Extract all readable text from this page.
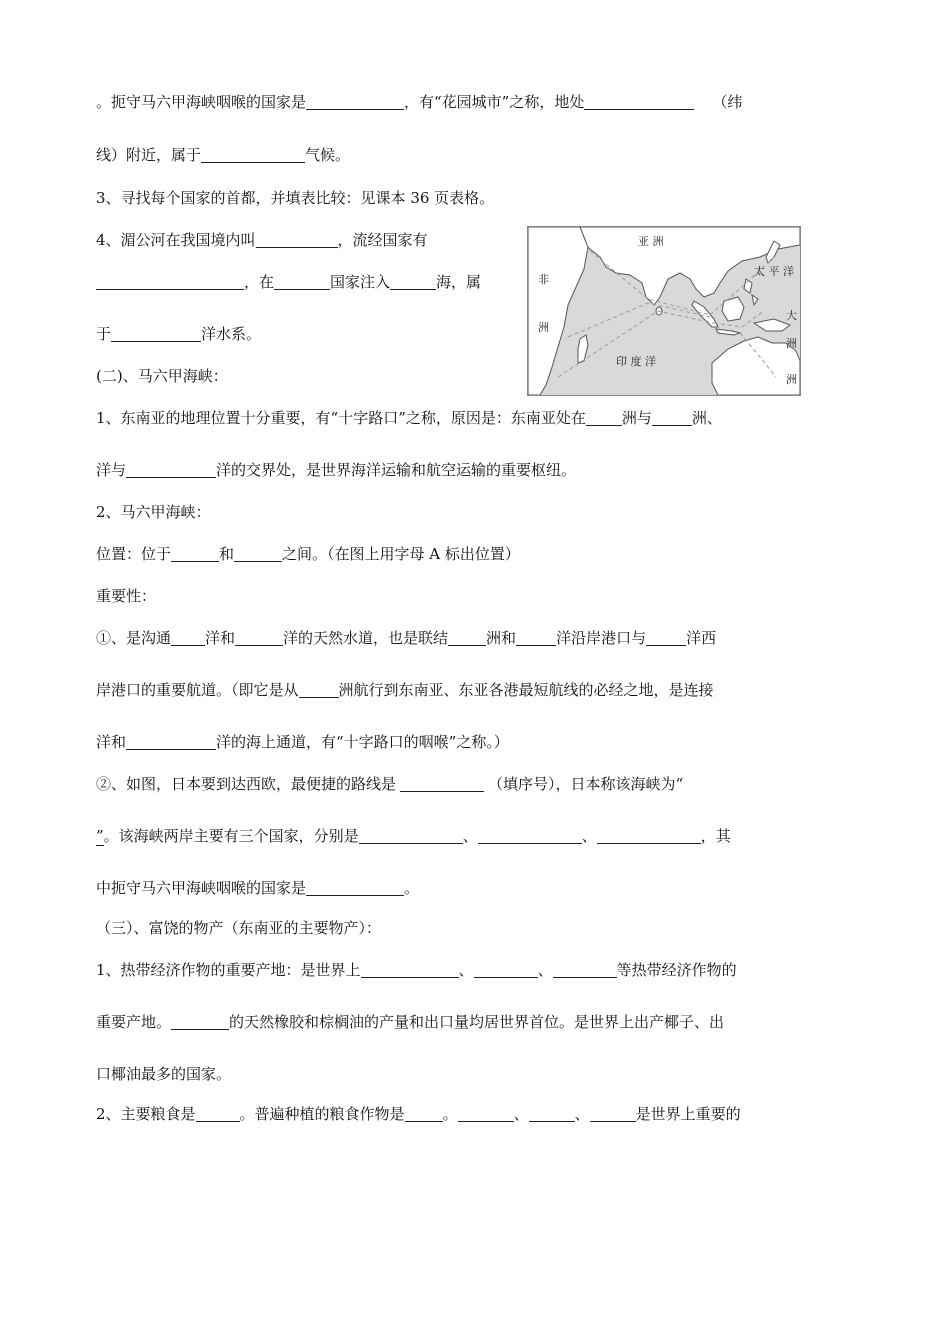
。扼守马六甲海峡咽喉的国家是	，有“花园城市”之称，地处	（纬
线）附近，属于	气候。
3、寻找每个国家的首都，并填表比较：见课本 36 页表格。
4、湄公河在我国境内叫	，流经国家有
，在	国家注入	海，属
于	洋水系。
(二)、马六甲海峡：
亚 洲
非
洲
印 度 洋
太 平 洋
大
洲
洲
1、东南亚的地理位置十分重要，有“十字路口”之称，原因是：东南亚处在 洲与	洲、
洋与	洋的交界处，是世界海洋运输和航空运输的重要枢纽。
2、马六甲海峡：
位置：位于	和	之间。（在图上用字母 A 标出位置）
重要性：
①、是沟通 洋和	洋的天然水道，也是联结	洲和	洋沿岸港口与	洋西
岸港口的重要航道。（即它是从	洲航行到东南亚、东亚各港最短航线的必经之地，是连接
洋和	洋的海上通道，有“十字路口的咽喉”之称。）
②、如图，日本要到达西欧，最便捷的路线是	（填序号），日本称该海峡为“
”。该海峡两岸主要有三个国家，分别是	、	、	，其
中扼守马六甲海峡咽喉的国家是	。
（三）、富饶的物产（东南亚的主要物产）：
1、热带经济作物的重要产地：是世界上	、	、	等热带经济作物的
重要产地。	的天然橡胶和棕榈油的产量和出口量均居世界首位。是世界上出产椰子、出
口椰油最多的国家。
2、主要粮食是	。普遍种植的粮食作物是	。	、	、	是世界上重要的
